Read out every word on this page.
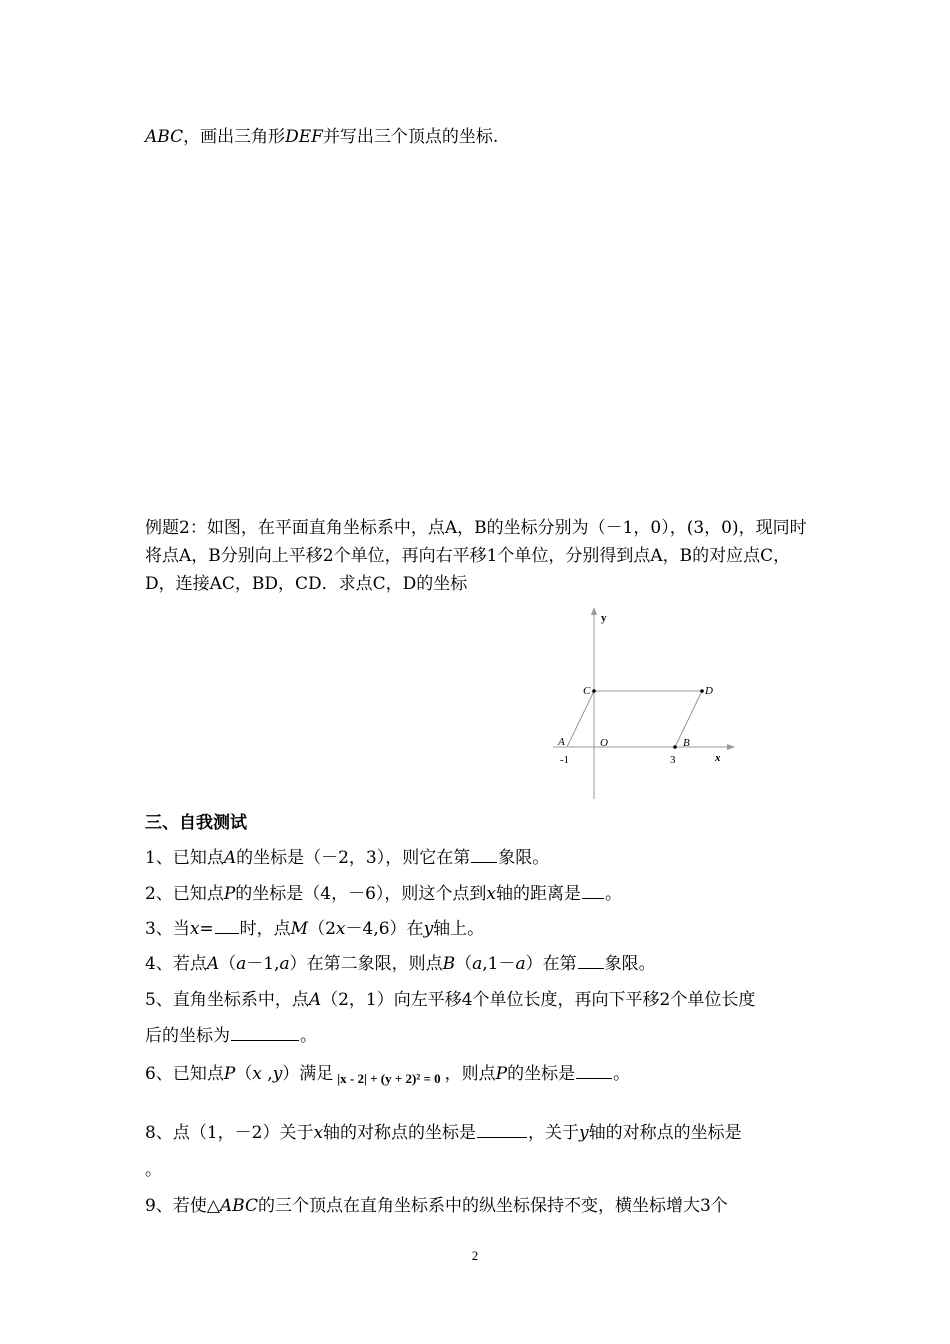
ABC，画出三角形DEF并写出三个顶点的坐标.
例题2：如图，在平面直角坐标系中，点A，B的坐标分别为（－1，0），(3，0)，现同时将点A，B分别向上平移2个单位，再向右平移1个单位，分别得到点A，B的对应点C，D，连接AC，BD，CD．求点C，D的坐标
y
x
C	D
A	O	B
-1	3
三、自我测试
1、已知点A的坐标是（－2，3），则它在第 象限。
2、已知点P的坐标是（4，－6），则这个点到x轴的距离是 。
3、当x= 时，点M（2x－4,6）在y轴上。
4、若点A（a－1,a）在第二象限，则点B（a,1－a）在第 象限。
5、直角坐标系中，点A（2，1）向左平移4个单位长度，再向下平移2个单位长度
后的坐标为	。
6、已知点P（x ,y）满足 |x - 2| + (y + 2)² = 0 ，则点P的坐标是 。
8、点（1，－2）关于x轴的对称点的坐标是	，关于y轴的对称点的坐标是
。
9、若使△ABC的三个顶点在直角坐标系中的纵坐标保持不变，横坐标增大3个
2
